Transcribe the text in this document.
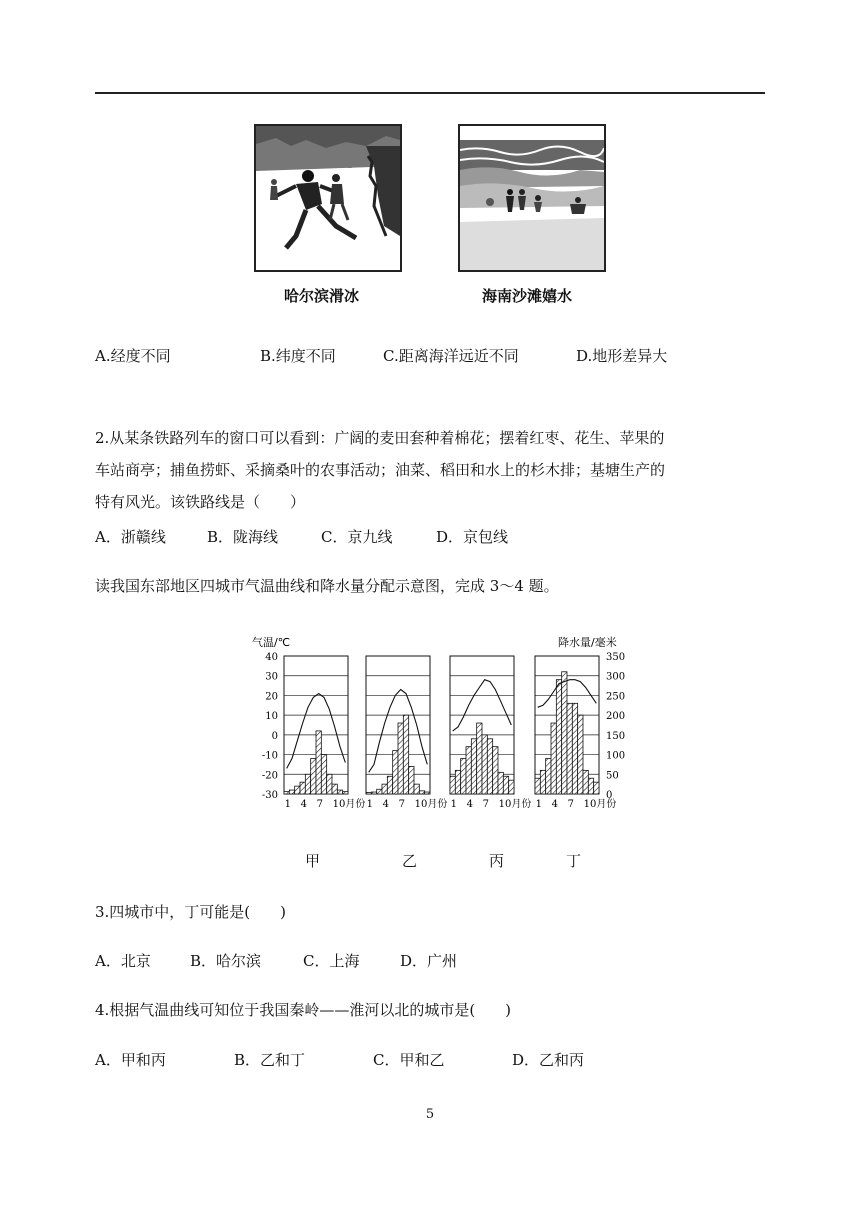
哈尔滨滑冰	海南沙滩嬉水
A.经度不同	B.纬度不同	C.距离海洋远近不同	D.地形差异大
2.从某条铁路列车的窗口可以看到：广阔的麦田套种着棉花；摆着红枣、花生、苹果的
车站商亭；捕鱼捞虾、采摘桑叶的农事活动；油菜、稻田和水上的杉木排；基塘生产的
特有风光。该铁路线是（　　）
A．浙赣线	B．陇海线	C．京九线	D．京包线
读我国东部地区四城市气温曲线和降水量分配示意图，完成 3～4 题。
气温/℃	降水量/毫米
40
30
20
10
0
-10
-20
-30
350
300
250
200
150
100
50
0
1 4 7 10月份 1 4 7 10月份 1 4 7 10月份 1 4 7 10月份
甲	乙	丙	丁
3.四城市中，丁可能是(　　)
A．北京	B．哈尔滨	C．上海	D．广州
4.根据气温曲线可知位于我国秦岭——淮河以北的城市是(　　)
A．甲和丙	B．乙和丁	C．甲和乙	D．乙和丙
5
